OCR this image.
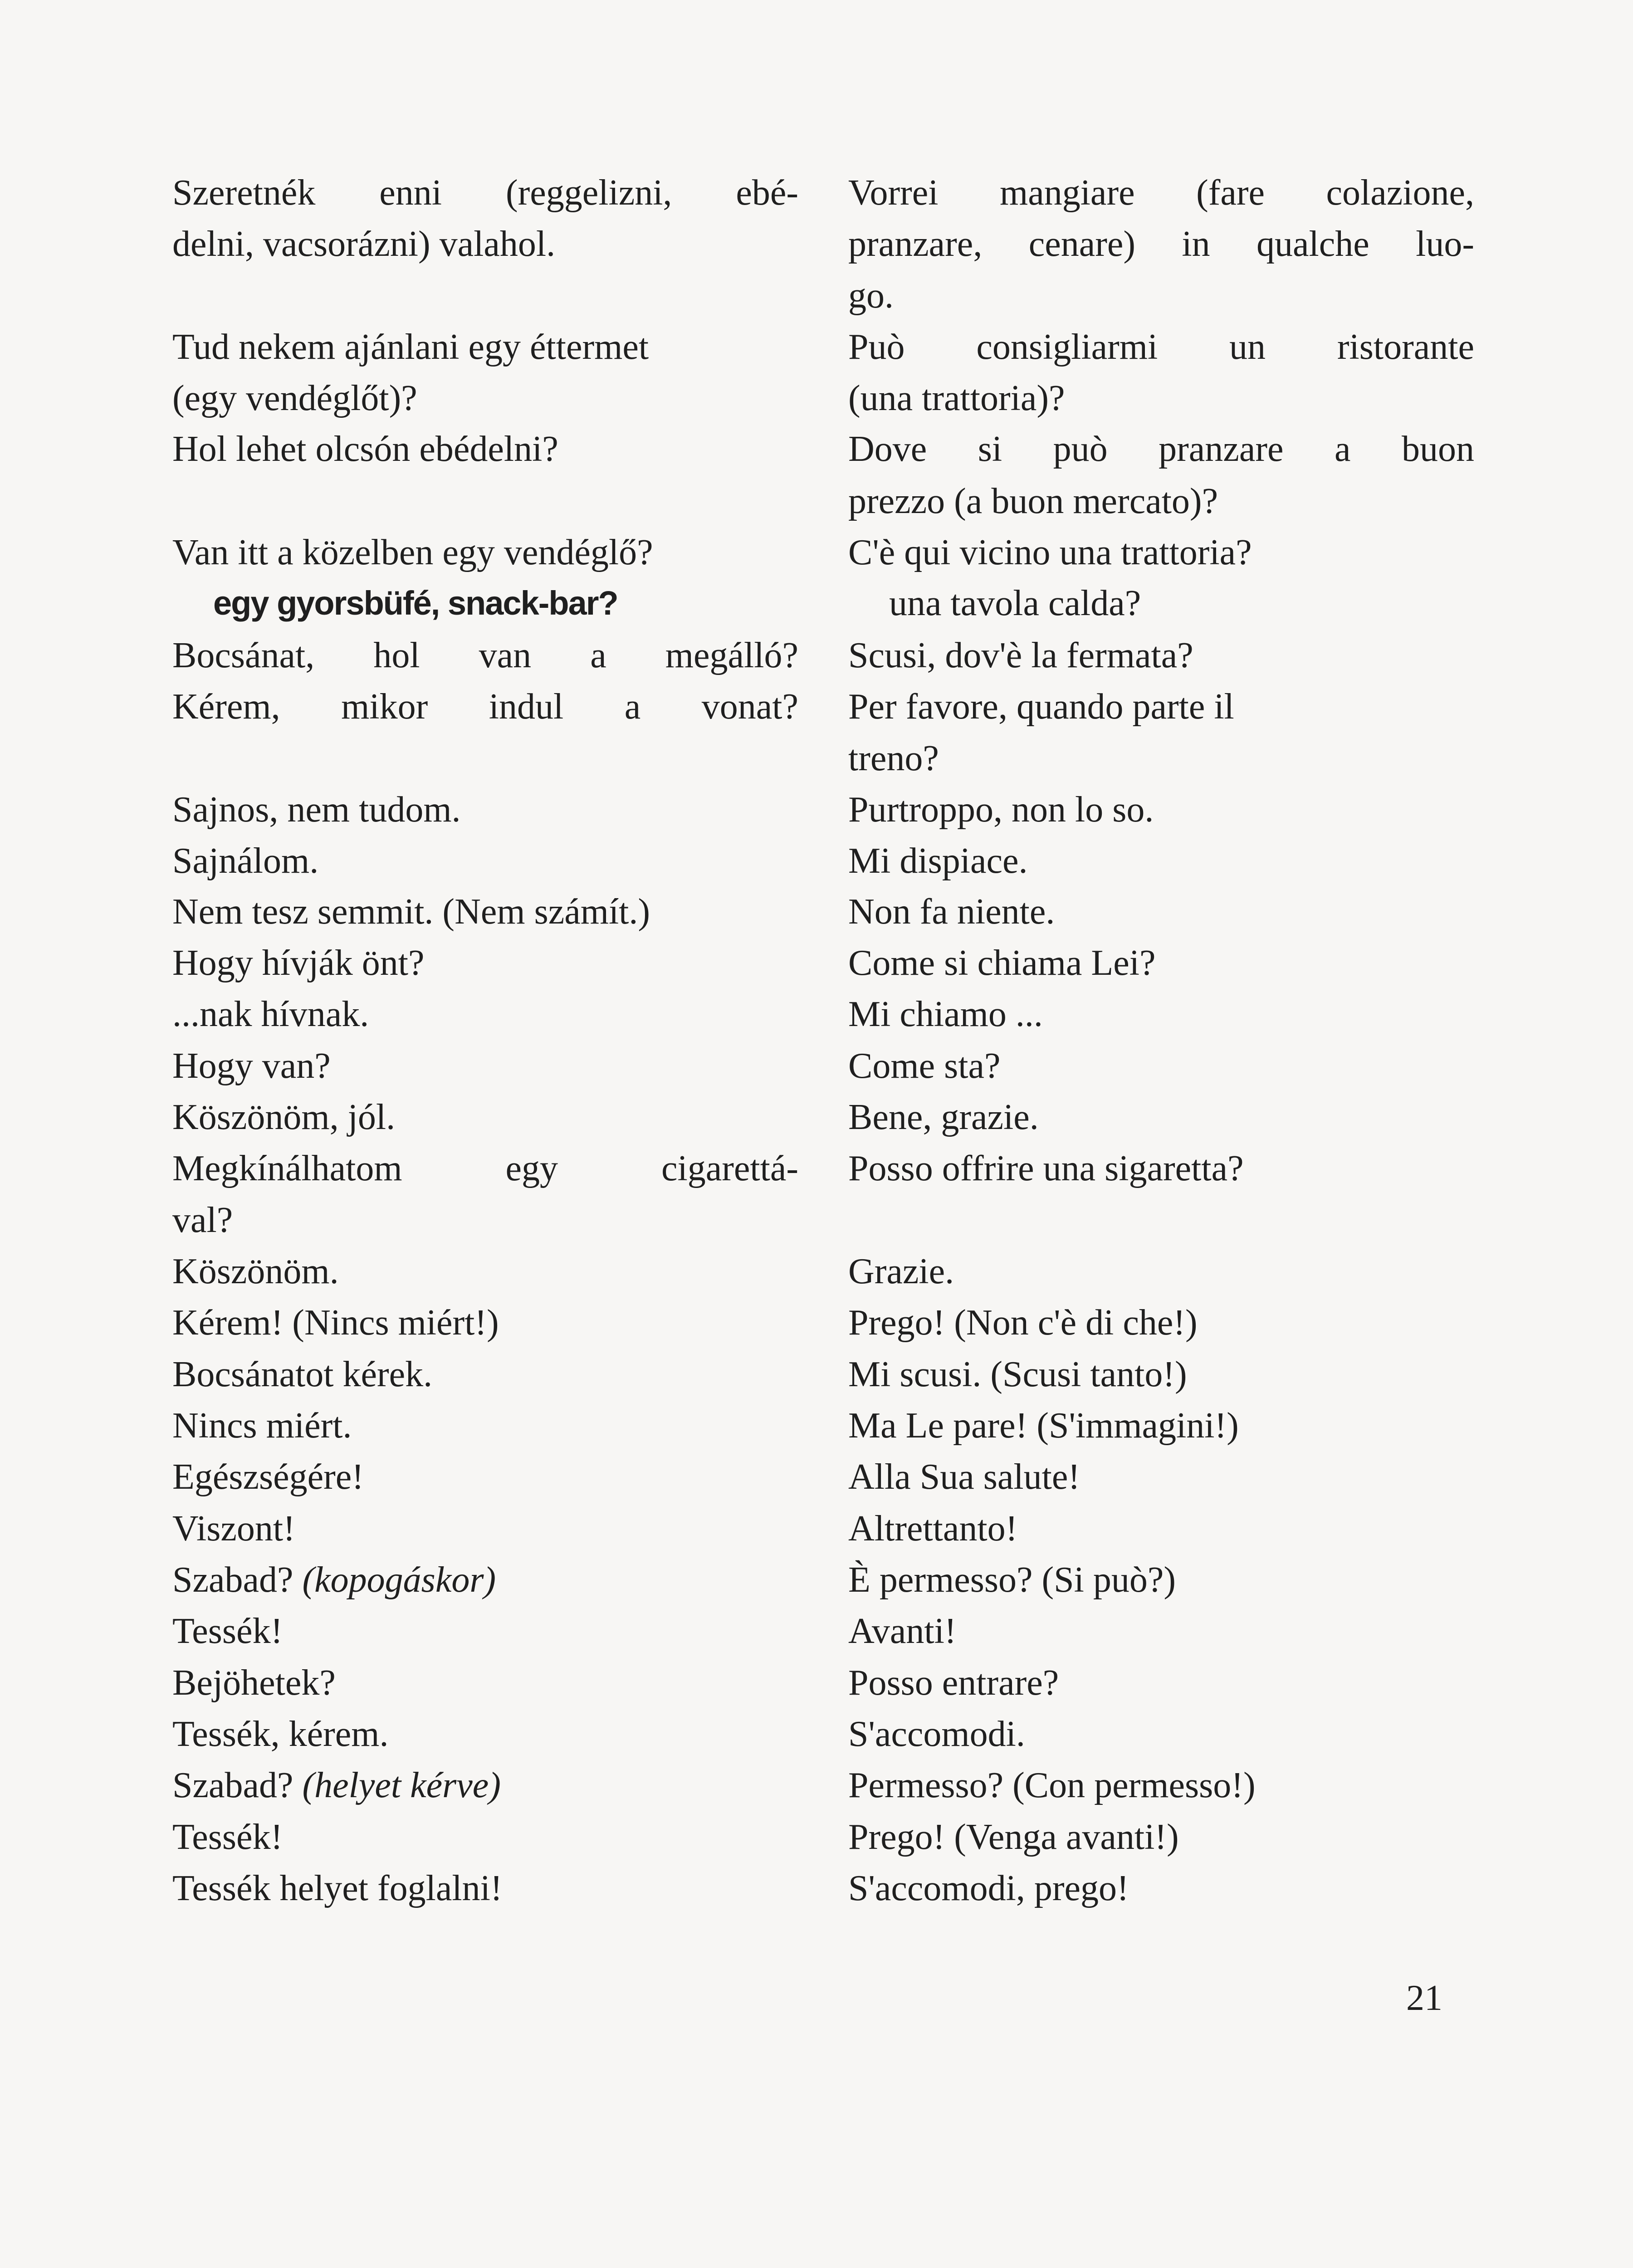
Szeretnék enni (reggelizni, ebé-
delni, vacsorázni) valahol.
Tud nekem ajánlani egy éttermet
(egy vendéglőt)?
Hol lehet olcsón ebédelni?
Van itt a közelben egy vendéglő?
egy gyorsbüfé, snack-bar?
Bocsánat, hol van a megálló?
Kérem, mikor indul a vonat?
Sajnos, nem tudom.
Sajnálom.
Nem tesz semmit. (Nem számít.)
Hogy hívják önt?
...nak hívnak.
Hogy van?
Köszönöm, jól.
Megkínálhatom egy cigarettá-
val?
Köszönöm.
Kérem! (Nincs miért!)
Bocsánatot kérek.
Nincs miért.
Egészségére!
Viszont!
Szabad? (kopogáskor)
Tessék!
Bejöhetek?
Tessék, kérem.
Szabad? (helyet kérve)
Tessék!
Tessék helyet foglalni!
Vorrei mangiare (fare colazione,
pranzare, cenare) in qualche luo-
go.
Può consigliarmi un ristorante
(una trattoria)?
Dove si può pranzare a buon
prezzo (a buon mercato)?
C'è qui vicino una trattoria?
una tavola calda?
Scusi, dov'è la fermata?
Per favore, quando parte il
treno?
Purtroppo, non lo so.
Mi dispiace.
Non fa niente.
Come si chiama Lei?
Mi chiamo ...
Come sta?
Bene, grazie.
Posso offrire una sigaretta?
Grazie.
Prego! (Non c'è di che!)
Mi scusi. (Scusi tanto!)
Ma Le pare! (S'immagini!)
Alla Sua salute!
Altrettanto!
È permesso? (Si può?)
Avanti!
Posso entrare?
S'accomodi.
Permesso? (Con permesso!)
Prego! (Venga avanti!)
S'accomodi, prego!
21
